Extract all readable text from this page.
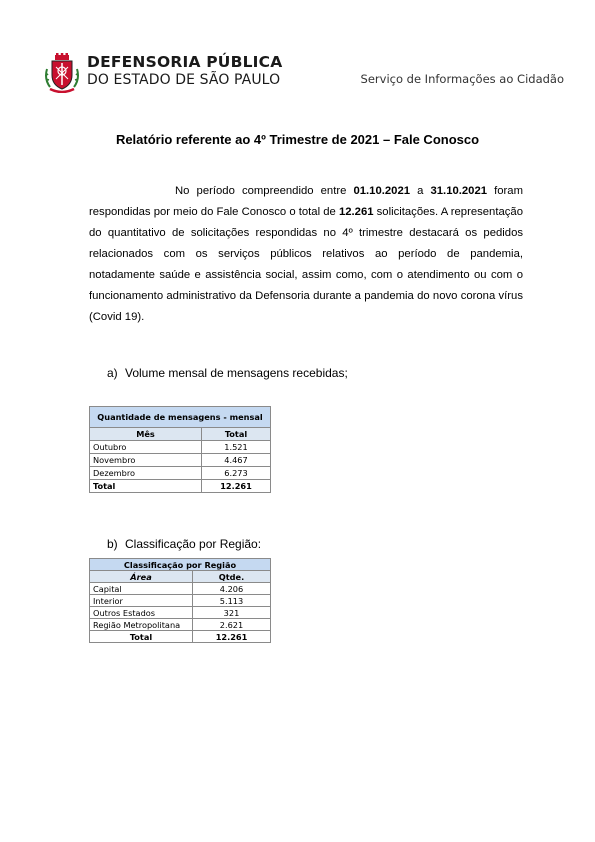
DEFENSORIA PÚBLICA
DO ESTADO DE SÃO PAULO	Serviço de Informações ao Cidadão
Relatório referente ao 4º Trimestre de 2021 – Fale Conosco

No período compreendido entre 01.10.2021 a 31.10.2021 foram respondidas por meio do Fale Conosco o total de 12.261 solicitações. A representação do quantitativo de solicitações respondidas no 4º trimestre destacará os pedidos relacionados com os serviços públicos relativos ao período de pandemia, notadamente saúde e assistência social, assim como, com o atendimento ou com o funcionamento administrativo da Defensoria durante a pandemia do novo corona vírus (Covid 19).

a) Volume mensal de mensagens recebidas;
Quantidade de mensagens - mensal	
Mês	Total
Outubro	1.521
Novembro	4.467
Dezembro	6.273
Total	12.261
b) Classificação por Região:
Classificação por Região	
Área	Qtde.
Capital	4.206
Interior	5.113
Outros Estados	321
Região Metropolitana	2.621
Total	12.261
